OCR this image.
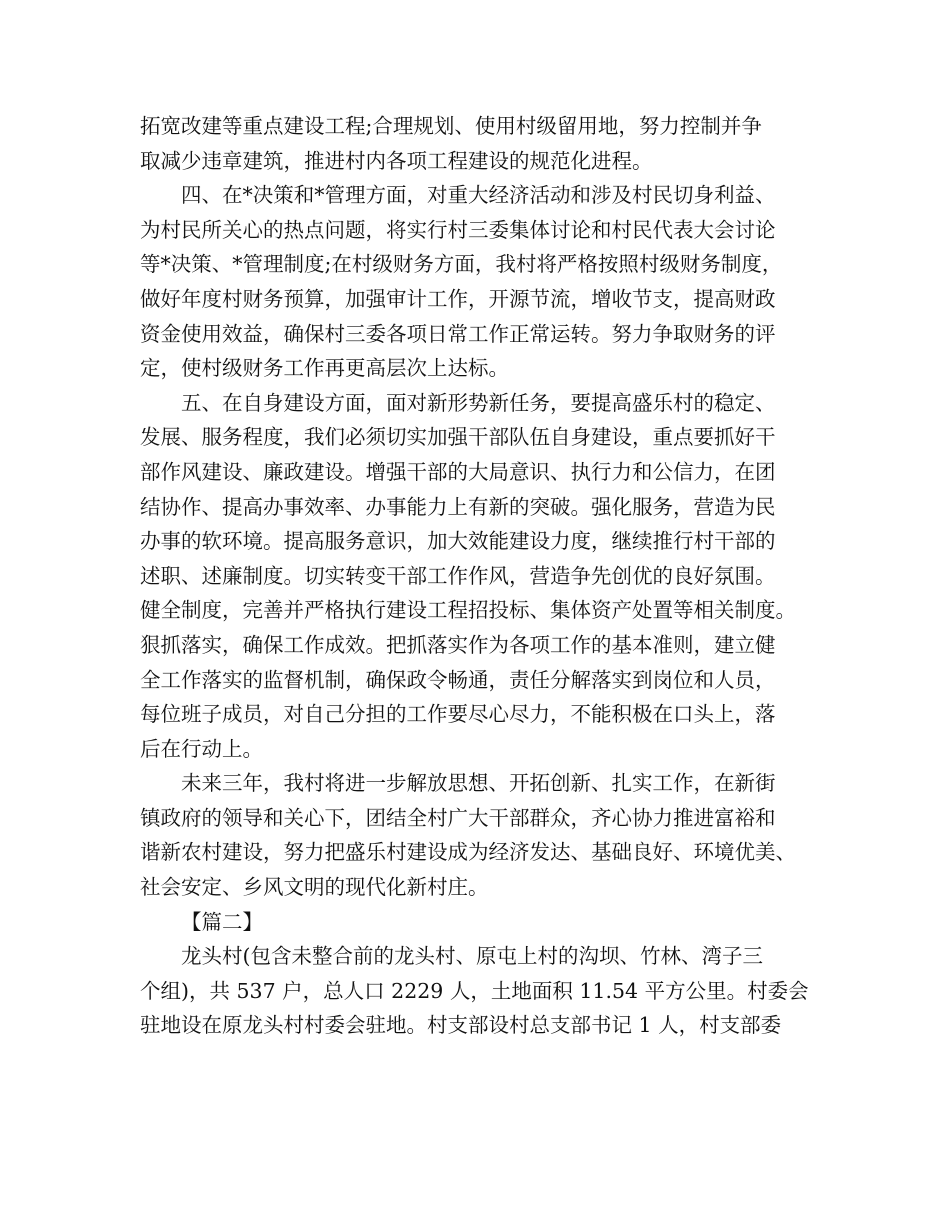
拓宽改建等重点建设工程;合理规划、使用村级留用地，努力控制并争
取减少违章建筑，推进村内各项工程建设的规范化进程。
四、在*决策和*管理方面，对重大经济活动和涉及村民切身利益、
为村民所关心的热点问题，将实行村三委集体讨论和村民代表大会讨论
等*决策、*管理制度;在村级财务方面，我村将严格按照村级财务制度，
做好年度村财务预算，加强审计工作，开源节流，增收节支，提高财政
资金使用效益，确保村三委各项日常工作正常运转。努力争取财务的评
定，使村级财务工作再更高层次上达标。
五、在自身建设方面，面对新形势新任务，要提高盛乐村的稳定、
发展、服务程度，我们必须切实加强干部队伍自身建设，重点要抓好干
部作风建设、廉政建设。增强干部的大局意识、执行力和公信力，在团
结协作、提高办事效率、办事能力上有新的突破。强化服务，营造为民
办事的软环境。提高服务意识，加大效能建设力度，继续推行村干部的
述职、述廉制度。切实转变干部工作作风，营造争先创优的良好氛围。
健全制度，完善并严格执行建设工程招投标、集体资产处置等相关制度。
狠抓落实，确保工作成效。把抓落实作为各项工作的基本准则，建立健
全工作落实的监督机制，确保政令畅通，责任分解落实到岗位和人员，
每位班子成员，对自己分担的工作要尽心尽力，不能积极在口头上，落
后在行动上。
未来三年，我村将进一步解放思想、开拓创新、扎实工作，在新街
镇政府的领导和关心下，团结全村广大干部群众，齐心协力推进富裕和
谐新农村建设，努力把盛乐村建设成为经济发达、基础良好、环境优美、
社会安定、乡风文明的现代化新村庄。
【篇二】
龙头村(包含未整合前的龙头村、原屯上村的沟坝、竹林、湾子三
个组)，共 537 户，总人口 2229 人，土地面积 11.54 平方公里。村委会
驻地设在原龙头村村委会驻地。村支部设村总支部书记 1 人，村支部委
